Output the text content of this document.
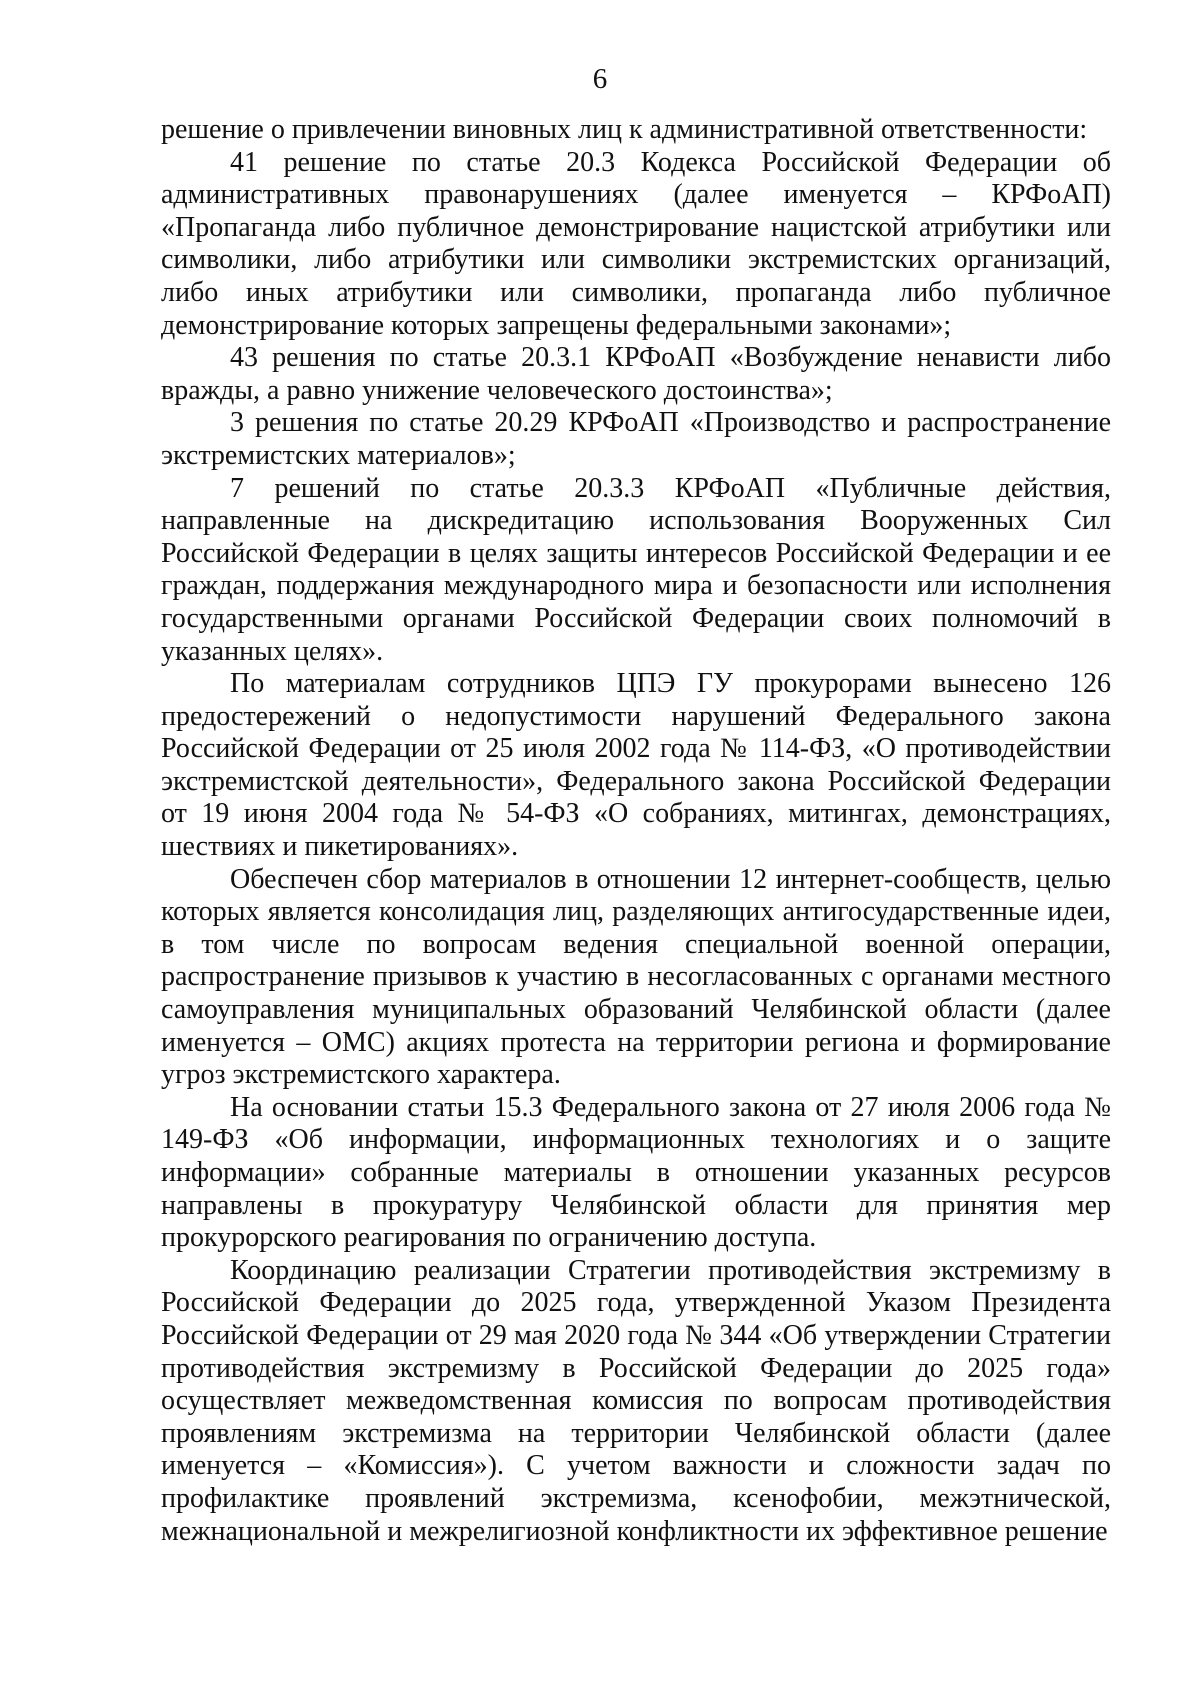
6

решение о привлечении виновных лиц к административной ответственности:

41 решение по статье 20.3 Кодекса Российской Федерации об административных правонарушениях (далее именуется – КРФоАП) «Пропаганда либо публичное демонстрирование нацистской атрибутики или символики, либо атрибутики или символики экстремистских организаций, либо иных атрибутики или символики, пропаганда либо публичное демонстрирование которых запрещены федеральными законами»;

43 решения по статье 20.3.1 КРФоАП «Возбуждение ненависти либо вражды, а равно унижение человеческого достоинства»;

3 решения по статье 20.29 КРФоАП «Производство и распространение экстремистских материалов»;

7 решений по статье 20.3.3 КРФоАП «Публичные действия, направленные на дискредитацию использования Вооруженных Сил Российской Федерации в целях защиты интересов Российской Федерации и ее граждан, поддержания международного мира и безопасности или исполнения государственными органами Российской Федерации своих полномочий в указанных целях».

По материалам сотрудников ЦПЭ ГУ прокурорами вынесено 126 предостережений о недопустимости нарушений Федерального закона Российской Федерации от 25 июля 2002 года № 114-ФЗ, «О противодействии экстремистской деятельности», Федерального закона Российской Федерации от 19 июня 2004 года № 54-ФЗ «О собраниях, митингах, демонстрациях, шествиях и пикетированиях».

Обеспечен сбор материалов в отношении 12 интернет-сообществ, целью которых является консолидация лиц, разделяющих антигосударственные идеи, в том числе по вопросам ведения специальной военной операции, распространение призывов к участию в несогласованных с органами местного самоуправления муниципальных образований Челябинской области (далее именуется – ОМС) акциях протеста на территории региона и формирование угроз экстремистского характера.

На основании статьи 15.3 Федерального закона от 27 июля 2006 года № 149-ФЗ «Об информации, информационных технологиях и о защите информации» собранные материалы в отношении указанных ресурсов направлены в прокуратуру Челябинской области для принятия мер прокурорского реагирования по ограничению доступа.

Координацию реализации Стратегии противодействия экстремизму в Российской Федерации до 2025 года, утвержденной Указом Президента Российской Федерации от 29 мая 2020 года № 344 «Об утверждении Стратегии противодействия экстремизму в Российской Федерации до 2025 года» осуществляет межведомственная комиссия по вопросам противодействия проявлениям экстремизма на территории Челябинской области (далее именуется – «Комиссия»). С учетом важности и сложности задач по профилактике проявлений экстремизма, ксенофобии, межэтнической, межнациональной и межрелигиозной конфликтности их эффективное решение
